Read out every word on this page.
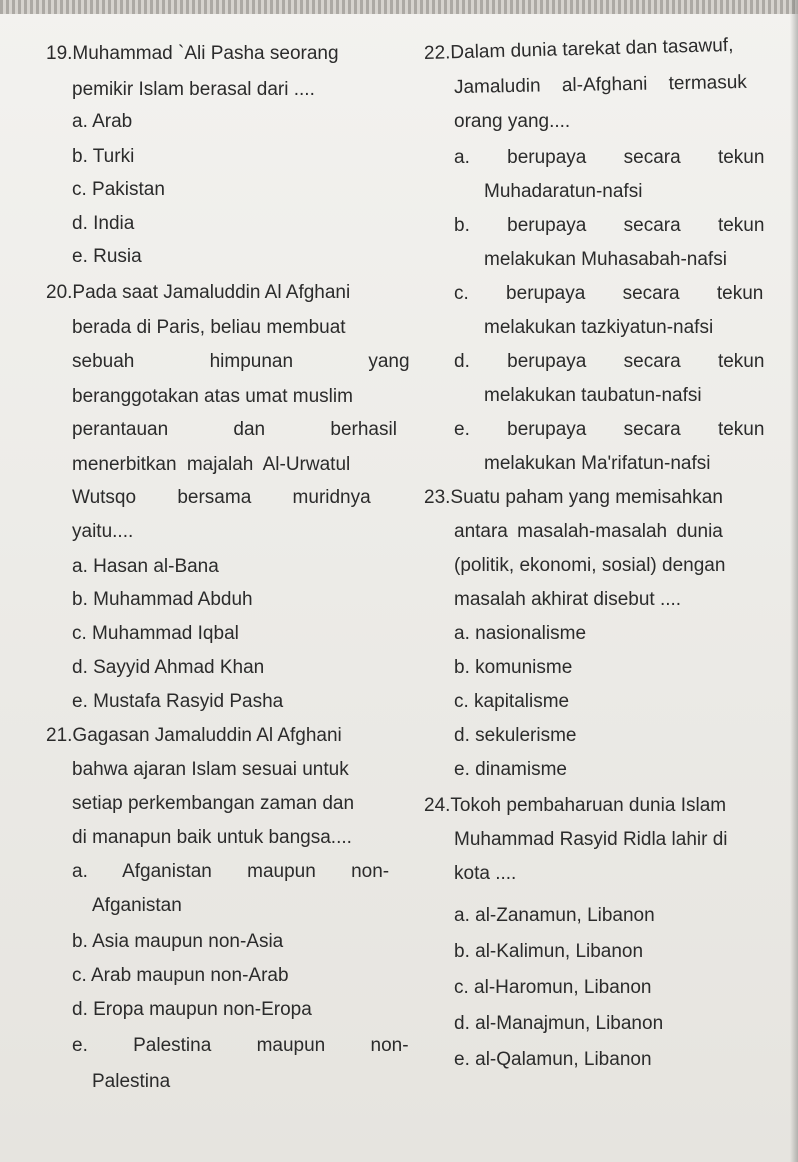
19.Muhammad `Ali Pasha seorang
pemikir Islam berasal dari ....
a. Arab
b. Turki
c. Pakistan
d. India
e. Rusia
20.Pada saat Jamaluddin Al Afghani
berada di Paris, beliau membuat
sebuah himpunan yang
beranggotakan atas umat muslim
perantauan dan berhasil
menerbitkan majalah Al-Urwatul
Wutsqo bersama muridnya
yaitu....
a. Hasan al-Bana
b. Muhammad Abduh
c. Muhammad Iqbal
d. Sayyid Ahmad Khan
e. Mustafa Rasyid Pasha
21.Gagasan Jamaluddin Al Afghani
bahwa ajaran Islam sesuai untuk
setiap perkembangan zaman dan
di manapun baik untuk bangsa....
a. Afganistan maupun non-
Afganistan
b. Asia maupun non-Asia
c. Arab maupun non-Arab
d. Eropa maupun non-Eropa
e. Palestina maupun non-
Palestina
22.Dalam dunia tarekat dan tasawuf,
Jamaludin al-Afghani termasuk
orang yang....
a. berupaya secara tekun
Muhadaratun-nafsi
b. berupaya secara tekun
melakukan Muhasabah-nafsi
c. berupaya secara tekun
melakukan tazkiyatun-nafsi
d. berupaya secara tekun
melakukan taubatun-nafsi
e. berupaya secara tekun
melakukan Ma'rifatun-nafsi
23.Suatu paham yang memisahkan
antara masalah-masalah dunia
(politik, ekonomi, sosial) dengan
masalah akhirat disebut ....
a. nasionalisme
b. komunisme
c. kapitalisme
d. sekulerisme
e. dinamisme
24.Tokoh pembaharuan dunia Islam
Muhammad Rasyid Ridla lahir di
kota ....
a. al-Zanamun, Libanon
b. al-Kalimun, Libanon
c. al-Haromun, Libanon
d. al-Manajmun, Libanon
e. al-Qalamun, Libanon
